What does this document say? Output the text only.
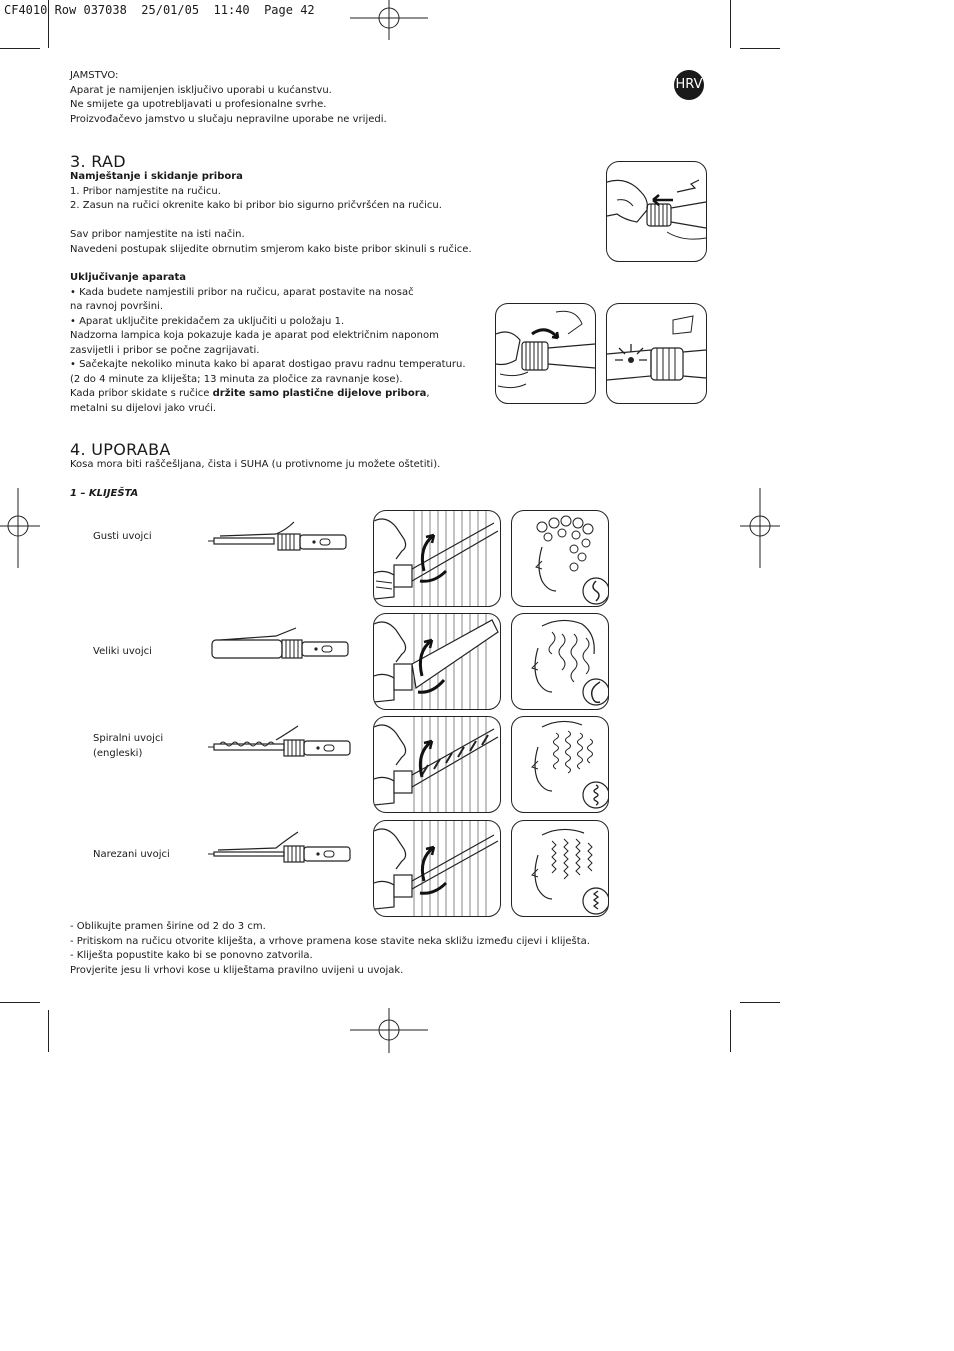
CF4010 Row 037038  25/01/05  11:40  Page 42
HRV
JAMSTVO:
Aparat je namijenjen isključivo uporabi u kućanstvu.
Ne smijete ga upotrebljavati u profesionalne svrhe.
Proizvođačevo jamstvo u slučaju nepravilne uporabe ne vrijedi.
3. RAD
Namještanje i skidanje pribora
1. Pribor namjestite na ručicu.
2. Zasun na ručici okrenite kako bi pribor bio sigurno pričvršćen na ručicu.
Sav pribor namjestite na isti način.
Navedeni postupak slijedite obrnutim smjerom kako biste pribor skinuli s ručice.
Uključivanje aparata
• Kada budete namjestili pribor na ručicu, aparat postavite na nosač
na ravnoj površini.
• Aparat uključite prekidačem za uključiti u položaju 1.
Nadzorna lampica koja pokazuje kada je aparat pod električnim naponom
zasvijetli i pribor se počne zagrijavati.
• Sačekajte nekoliko minuta kako bi aparat dostigao pravu radnu temperaturu.
(2 do 4 minute za kliješta; 13 minuta za pločice za ravnanje kose).
Kada pribor skidate s ručice držite samo plastične dijelove pribora,
metalni su dijelovi jako vrući.
4. UPORABA
Kosa mora biti raščešljana, čista i SUHA (u protivnome ju možete oštetiti).
1 – KLIJEŠTA
Gusti uvojci
Veliki uvojci
Spiralni uvojci
(engleski)
Narezani uvojci
- Oblikujte pramen širine od 2 do 3 cm.
- Pritiskom na ručicu otvorite kliješta, a vrhove pramena kose stavite neka skližu između cijevi i kliješta.
- Kliješta popustite kako bi se ponovno zatvorila.
Provjerite jesu li vrhovi kose u kliještama pravilno uvijeni u uvojak.
